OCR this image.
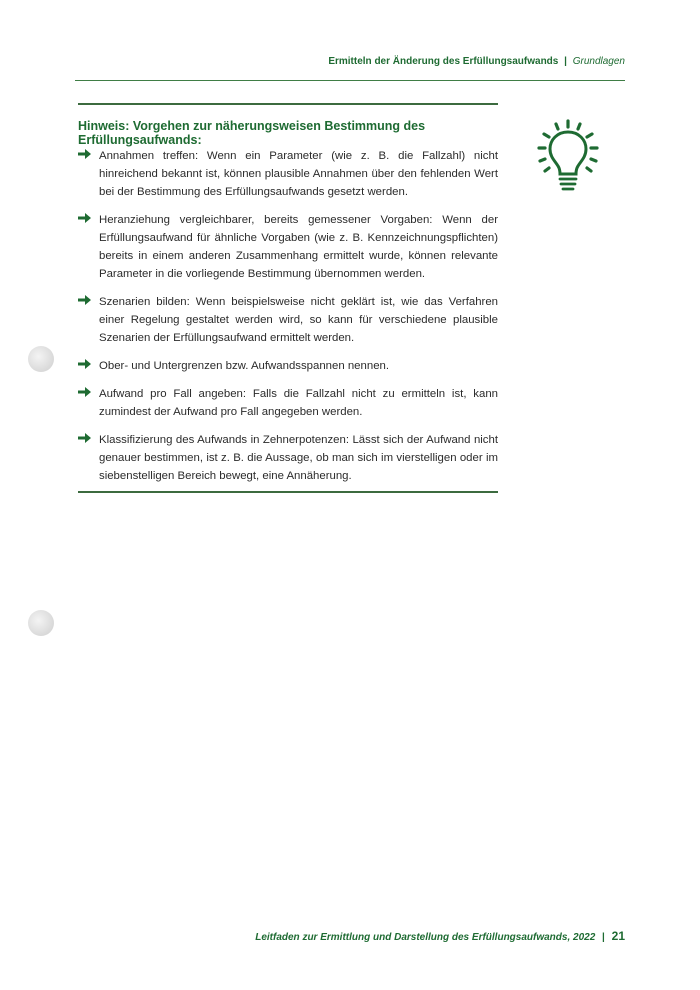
Ermitteln der Änderung des Erfüllungsaufwands | Grundlagen
Hinweis: Vorgehen zur näherungsweisen Bestimmung des Erfüllungsaufwands:
Annahmen treffen: Wenn ein Parameter (wie z. B. die Fallzahl) nicht hinreichend bekannt ist, können plausible Annahmen über den fehlenden Wert bei der Bestimmung des Erfüllungsaufwands gesetzt werden.
Heranziehung vergleichbarer, bereits gemessener Vorgaben: Wenn der Erfüllungsaufwand für ähnliche Vorgaben (wie z. B. Kennzeichnungspflichten) bereits in einem anderen Zusammenhang ermittelt wurde, können relevante Parameter in die vorliegende Bestimmung übernommen werden.
Szenarien bilden: Wenn beispielsweise nicht geklärt ist, wie das Verfahren einer Regelung gestaltet werden wird, so kann für verschiedene plausible Szenarien der Erfüllungsaufwand ermittelt werden.
Ober- und Untergrenzen bzw. Aufwandsspannen nennen.
Aufwand pro Fall angeben: Falls die Fallzahl nicht zu ermitteln ist, kann zumindest der Aufwand pro Fall angegeben werden.
Klassifizierung des Aufwands in Zehnerpotenzen: Lässt sich der Aufwand nicht genauer bestimmen, ist z. B. die Aussage, ob man sich im vierstelligen oder im siebenstelligen Bereich bewegt, eine Annäherung.
Leitfaden zur Ermittlung und Darstellung des Erfüllungsaufwands, 2022 | 21
